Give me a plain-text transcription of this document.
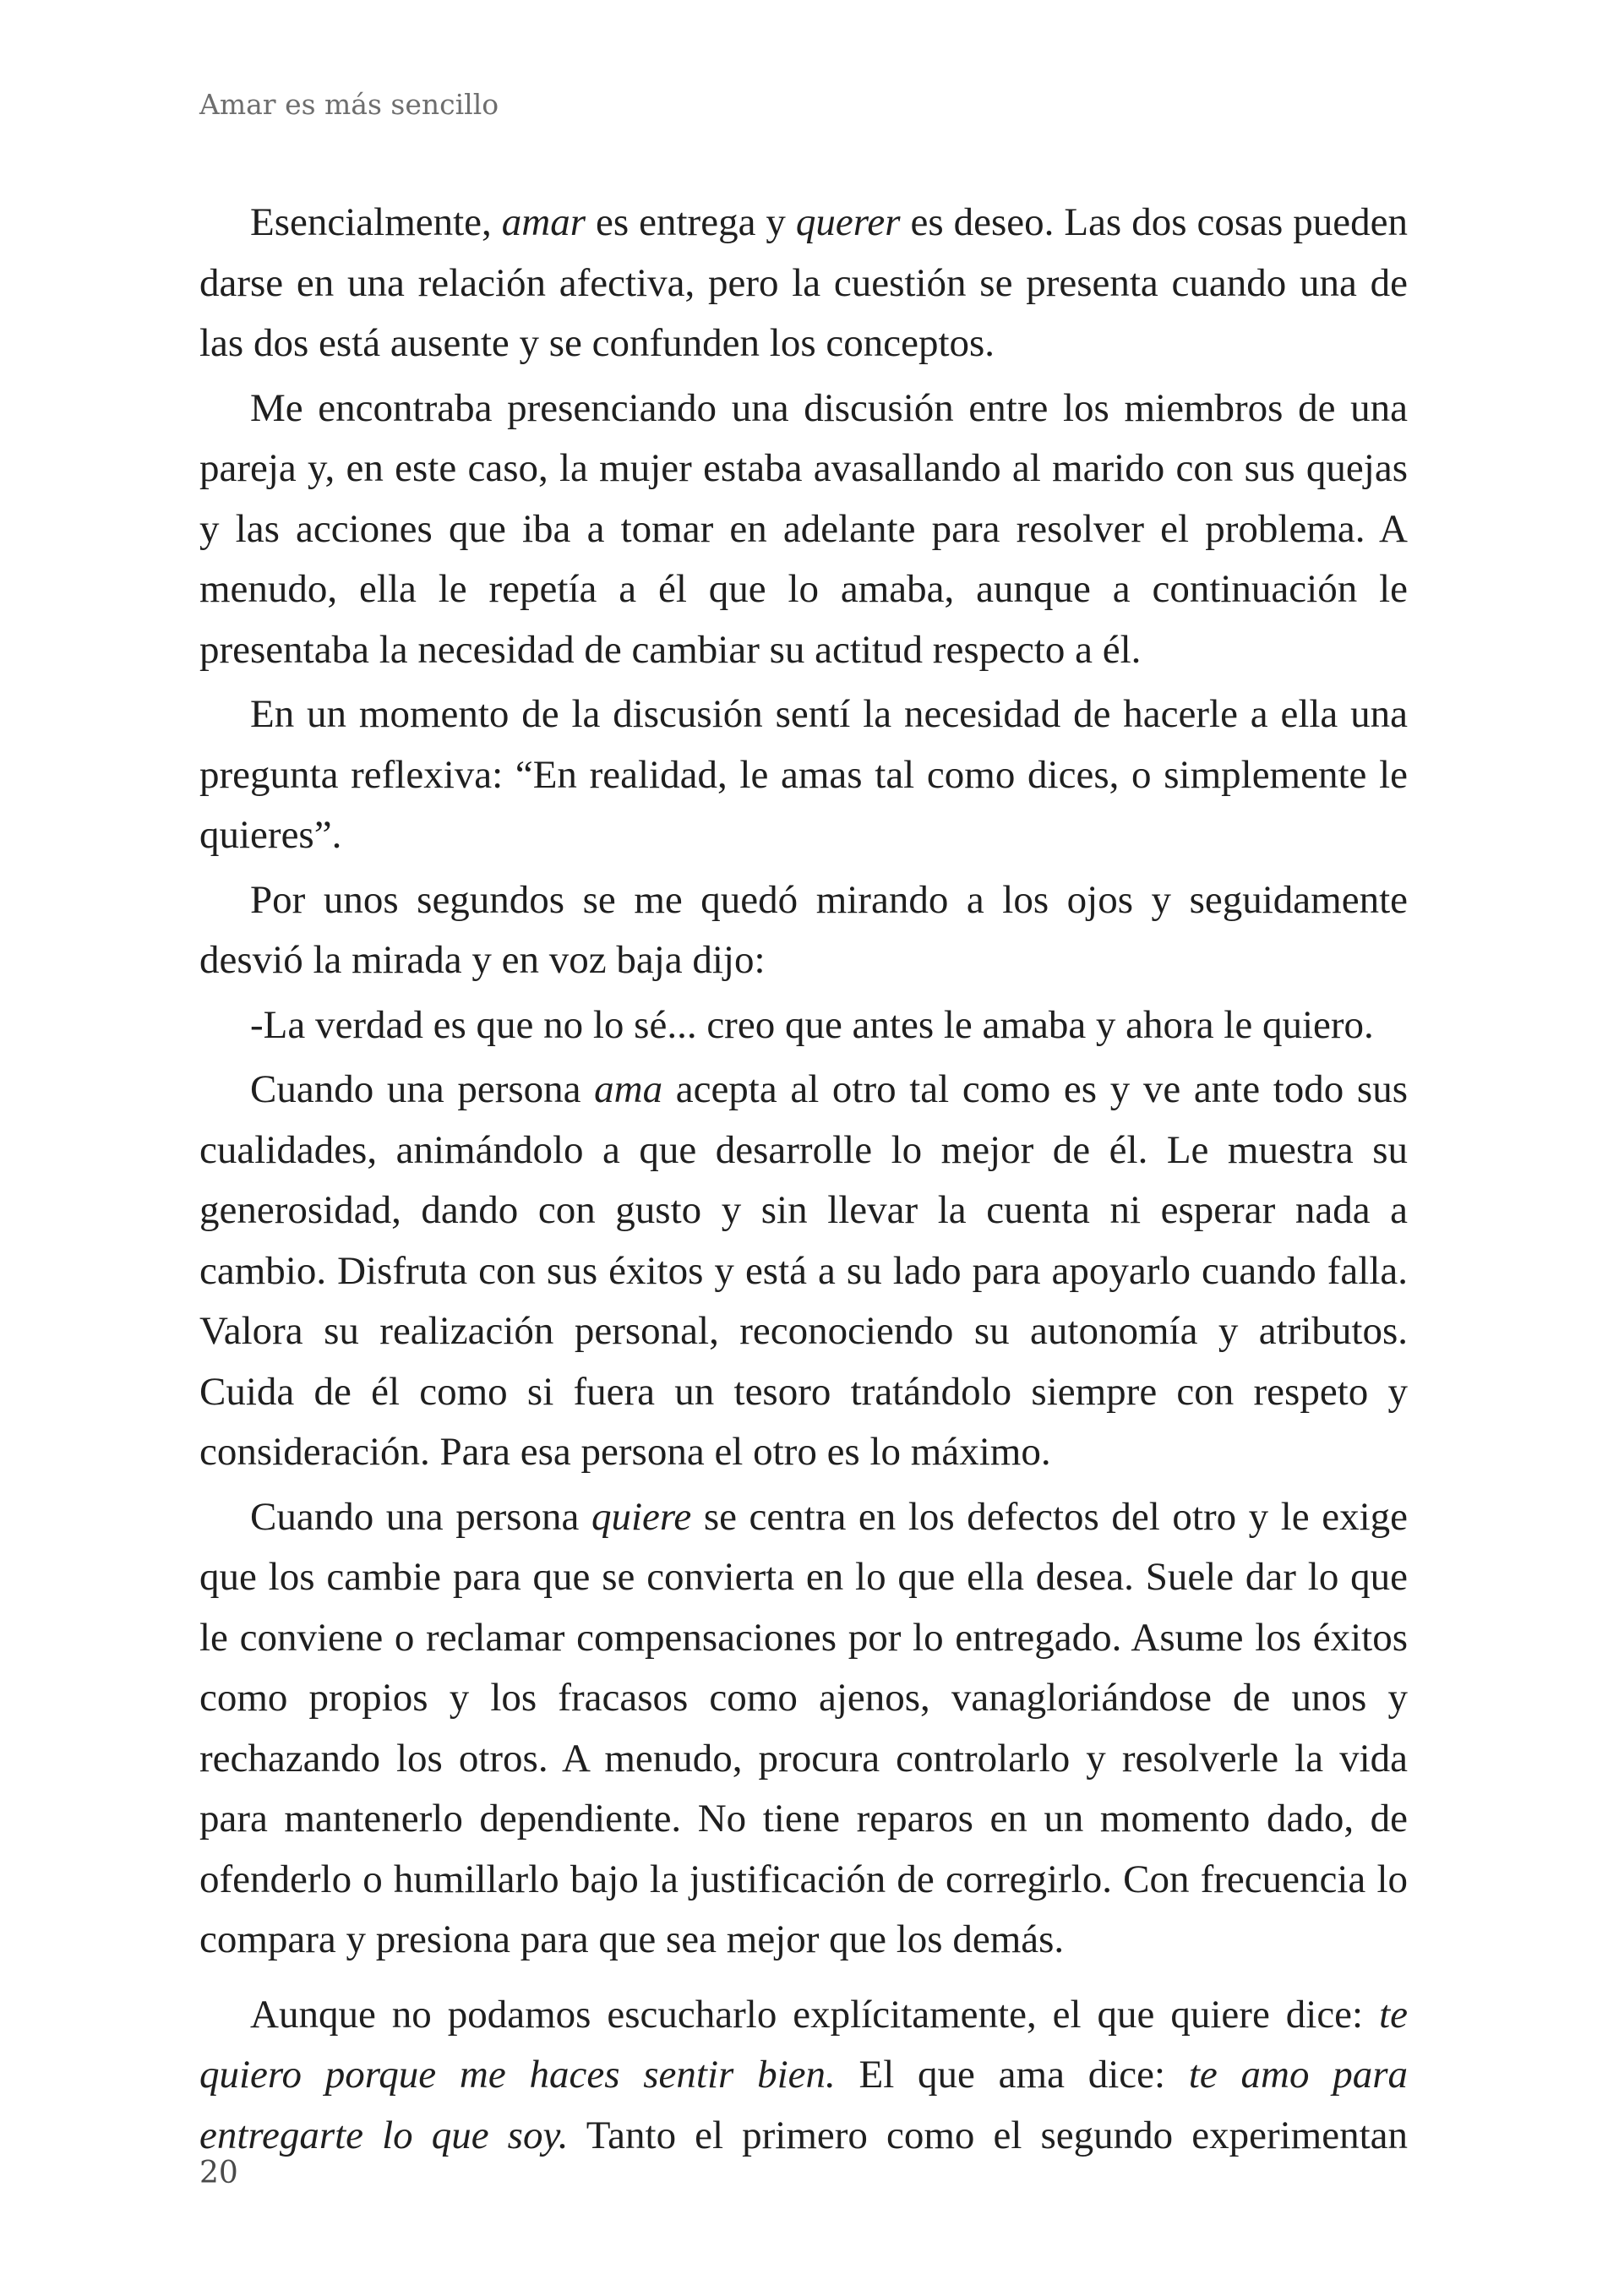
Amar es más sencillo

Esencialmente, amar es entrega y querer es deseo. Las dos cosas pueden darse en una relación afectiva, pero la cuestión se presenta cuando una de las dos está ausente y se confunden los conceptos.

Me encontraba presenciando una discusión entre los miembros de una pareja y, en este caso, la mujer estaba avasallando al marido con sus quejas y las acciones que iba a tomar en adelante para resolver el problema. A menudo, ella le repetía a él que lo amaba, aunque a continuación le presentaba la necesidad de cambiar su actitud respecto a él.

En un momento de la discusión sentí la necesidad de hacerle a ella una pregunta reflexiva: “En realidad, le amas tal como dices, o simplemente le quieres”.

Por unos segundos se me quedó mirando a los ojos y seguidamente desvió la mirada y en voz baja dijo:

-La verdad es que no lo sé... creo que antes le amaba y ahora le quiero.

Cuando una persona ama acepta al otro tal como es y ve ante todo sus cualidades, animándolo a que desarrolle lo mejor de él. Le muestra su generosidad, dando con gusto y sin llevar la cuenta ni esperar nada a cambio. Disfruta con sus éxitos y está a su lado para apoyarlo cuando falla. Valora su realización personal, reconociendo su autonomía y atributos. Cuida de él como si fuera un tesoro tratándolo siempre con respeto y consideración. Para esa persona el otro es lo máximo.

Cuando una persona quiere se centra en los defectos del otro y le exige que los cambie para que se convierta en lo que ella desea. Suele dar lo que le conviene o reclamar compensaciones por lo entregado. Asume los éxitos como propios y los fracasos como ajenos, vanagloriándose de unos y rechazando los otros. A menudo, procura controlarlo y resolverle la vida para mantenerlo dependiente. No tiene reparos en un momento dado, de ofenderlo o humillarlo bajo la justificación de corregirlo. Con frecuencia lo compara y presiona para que sea mejor que los demás.

Aunque no podamos escucharlo explícitamente, el que quiere dice: te quiero porque me haces sentir bien. El que ama dice: te amo para entregarte lo que soy. Tanto el primero como el segundo experimentan

20
